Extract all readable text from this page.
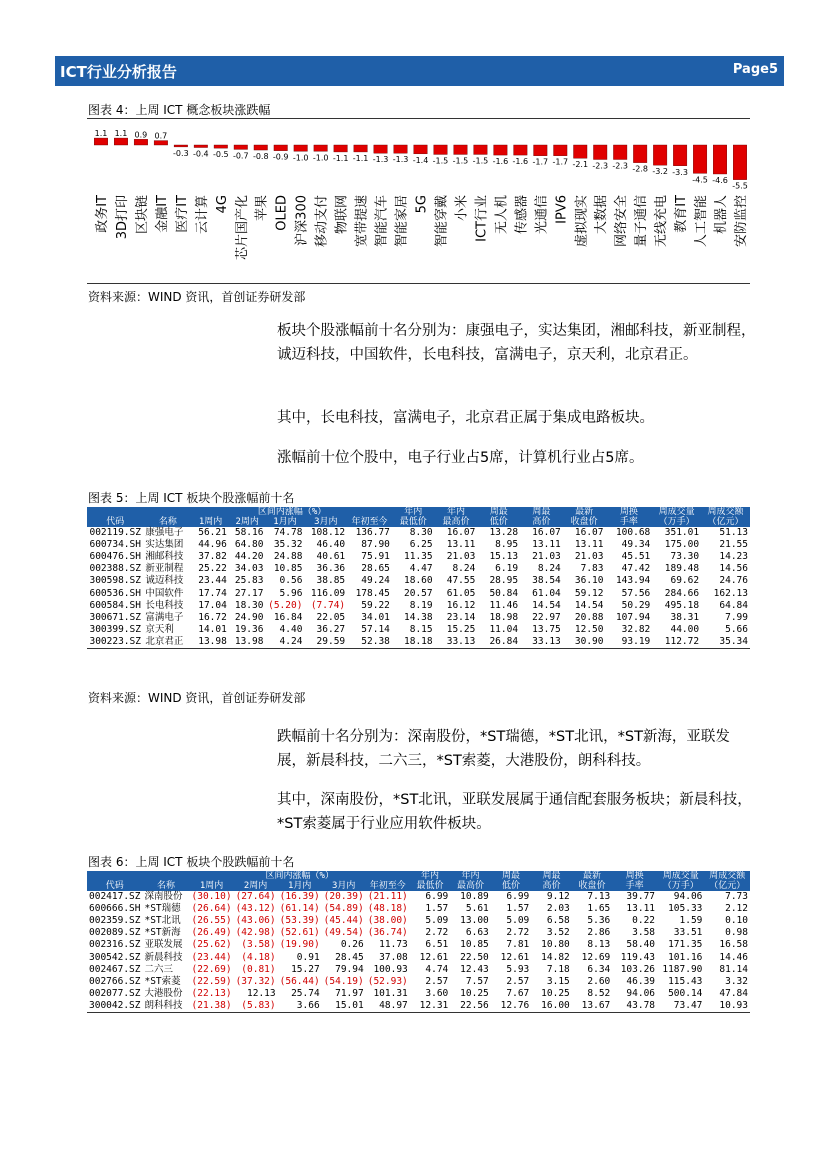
ICT行业分析报告	Page5
图表 4：上周 ICT 概念板块涨跌幅
1.1
政务IT
1.1
3D打印
0.9
区块链
0.7
金融IT
-0.3
医疗IT
-0.4
云计算
-0.5
4G
-0.7
芯片国产化
-0.8
苹果
-0.9
OLED
-1.0
沪深300
-1.0
移动支付
-1.1
物联网
-1.1
宽带提速
-1.3
智能汽车
-1.3
智能家居
-1.4
5G
-1.5
智能穿戴
-1.5
小米
-1.5
ICT行业
-1.6
无人机
-1.6
传感器
-1.7
光通信
-1.7
IPV6
-2.1
虚拟现实
-2.3
大数据
-2.3
网络安全
-2.8
量子通信
-3.2
无线充电
-3.3
教育IT
-4.5
人工智能
-4.6
机器人
-5.5
安防监控
资料来源：WIND 资讯，首创证券研发部
板块个股涨幅前十名分别为：康强电子，实达集团，湘邮科技，新亚制程，诚迈科技，中国软件，长电科技，富满电子，京天利，北京君正。
其中，长电科技，富满电子，北京君正属于集成电路板块。
涨幅前十位个股中，电子行业占5席，计算机行业占5席。
图表 5：上周 ICT 板块个股涨幅前十名
		区间内涨幅（%）					年内
最低价	年内
最高价	周最
低价	周最
高价	最新
收盘价	周换
手率	周成交量
（万手）	周成交额
（亿元）
代码	名称	1周内	2周内	1月内	3月内	年初至今								
002119.SZ	康强电子	56.21	58.16	74.78	108.12	136.77	8.30	16.07	13.28	16.07	16.07	100.68	351.01	51.13
600734.SH	实达集团	44.96	64.80	35.32	46.40	87.90	6.25	13.11	8.95	13.11	13.11	49.34	175.00	21.55
600476.SH	湘邮科技	37.82	44.20	24.88	40.61	75.91	11.35	21.03	15.13	21.03	21.03	45.51	73.30	14.23
002388.SZ	新亚制程	25.22	34.03	10.85	36.36	28.65	4.47	8.24	6.19	8.24	7.83	47.42	189.48	14.56
300598.SZ	诚迈科技	23.44	25.83	0.56	38.85	49.24	18.60	47.55	28.95	38.54	36.10	143.94	69.62	24.76
600536.SH	中国软件	17.74	27.17	5.96	116.09	178.45	20.57	61.05	50.84	61.04	59.12	57.56	284.66	162.13
600584.SH	长电科技	17.04	18.30	(5.20)	(7.74)	59.22	8.19	16.12	11.46	14.54	14.54	50.29	495.18	64.84
300671.SZ	富满电子	16.72	24.90	16.84	22.05	34.01	14.38	23.14	18.98	22.97	20.88	107.94	38.31	7.99
300399.SZ	京天利	14.01	19.36	4.40	36.27	57.14	8.15	15.25	11.04	13.75	12.50	32.82	44.00	5.66
300223.SZ	北京君正	13.98	13.98	4.24	29.59	52.38	18.18	33.13	26.84	33.13	30.90	93.19	112.72	35.34
资料来源：WIND 资讯，首创证券研发部
跌幅前十名分别为：深南股份，*ST瑞德，*ST北讯，*ST新海，亚联发展，新晨科技，二六三，*ST索菱，大港股份，朗科科技。
其中，深南股份，*ST北讯，亚联发展属于通信配套服务板块；新晨科技，*ST索菱属于行业应用软件板块。
图表 6：上周 ICT 板块个股跌幅前十名
		区间内涨幅（%）					年内
最低价	年内
最高价	周最
低价	周最
高价	最新
收盘价	周换
手率	周成交量
（万手）	周成交额
（亿元）
代码	名称	1周内	2周内	1月内	3月内	年初至今								
002417.SZ	深南股份	(30.10)	(27.64)	(16.39)	(20.39)	(21.11)	6.99	10.89	6.99	9.12	7.13	39.77	94.06	7.73
600666.SH	*ST瑞德	(26.64)	(43.12)	(61.14)	(54.89)	(48.18)	1.57	5.61	1.57	2.03	1.65	13.11	105.33	2.12
002359.SZ	*ST北讯	(26.55)	(43.06)	(53.39)	(45.44)	(38.00)	5.09	13.00	5.09	6.58	5.36	0.22	1.59	0.10
002089.SZ	*ST新海	(26.49)	(42.98)	(52.61)	(49.54)	(36.74)	2.72	6.63	2.72	3.52	2.86	3.58	33.51	0.98
002316.SZ	亚联发展	(25.62)	(3.58)	(19.90)	0.26	11.73	6.51	10.85	7.81	10.80	8.13	58.40	171.35	16.58
300542.SZ	新晨科技	(23.44)	(4.18)	0.91	28.45	37.08	12.61	22.50	12.61	14.82	12.69	119.43	101.16	14.46
002467.SZ	二六三	(22.69)	(0.81)	15.27	79.94	100.93	4.74	12.43	5.93	7.18	6.34	103.26	1187.90	81.14
002766.SZ	*ST索菱	(22.59)	(37.32)	(56.44)	(54.19)	(52.93)	2.57	7.57	2.57	3.15	2.60	46.39	115.43	3.32
002077.SZ	大港股份	(22.13)	12.13	25.74	71.97	101.31	3.60	10.25	7.67	10.25	8.52	94.06	500.14	47.84
300042.SZ	朗科科技	(21.38)	(5.83)	3.66	15.01	48.97	12.31	22.56	12.76	16.00	13.67	43.78	73.47	10.93
